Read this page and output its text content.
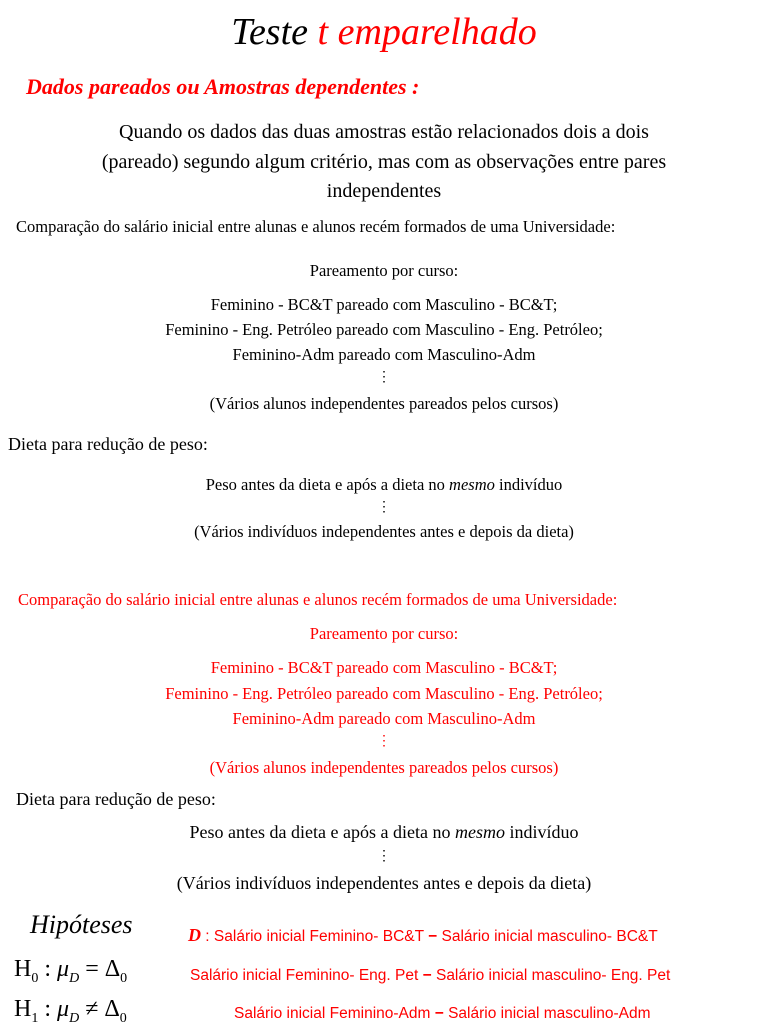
Teste t emparelhado
Dados pareados ou Amostras dependentes :
Quando os dados das duas amostras estão relacionados dois a dois
(pareado) segundo algum critério, mas com as observações entre pares
independentes
Comparação do salário inicial entre alunas e alunos recém formados de uma Universidade:
Pareamento por curso:
Feminino - BC&T pareado com Masculino - BC&T;
Feminino - Eng. Petróleo pareado com Masculino - Eng. Petróleo;
Feminino-Adm pareado com Masculino-Adm
⋮
(Vários alunos independentes pareados pelos cursos)
Dieta para redução de peso:
Peso antes da dieta e após a dieta no mesmo indivíduo
⋮
(Vários indivíduos independentes antes e depois da dieta)
Comparação do salário inicial entre alunas e alunos recém formados de uma Universidade:
Pareamento por curso:
Feminino - BC&T pareado com Masculino - BC&T;
Feminino - Eng. Petróleo pareado com Masculino - Eng. Petróleo;
Feminino-Adm pareado com Masculino-Adm
⋮
(Vários alunos independentes pareados pelos cursos)
Dieta para redução de peso:
Peso antes da dieta e após a dieta no mesmo indivíduo
⋮
(Vários indivíduos independentes antes e depois da dieta)
Hipóteses
$H_0$ : $\mu_D = \Delta_0$
$H_1$ : $\mu_D \ne \Delta_0$
D : Salário inicial Feminino- BC&T − Salário inicial masculino- BC&T
Salário inicial Feminino- Eng. Pet − Salário inicial masculino- Eng. Pet
Salário inicial Feminino-Adm − Salário inicial masculino-Adm
